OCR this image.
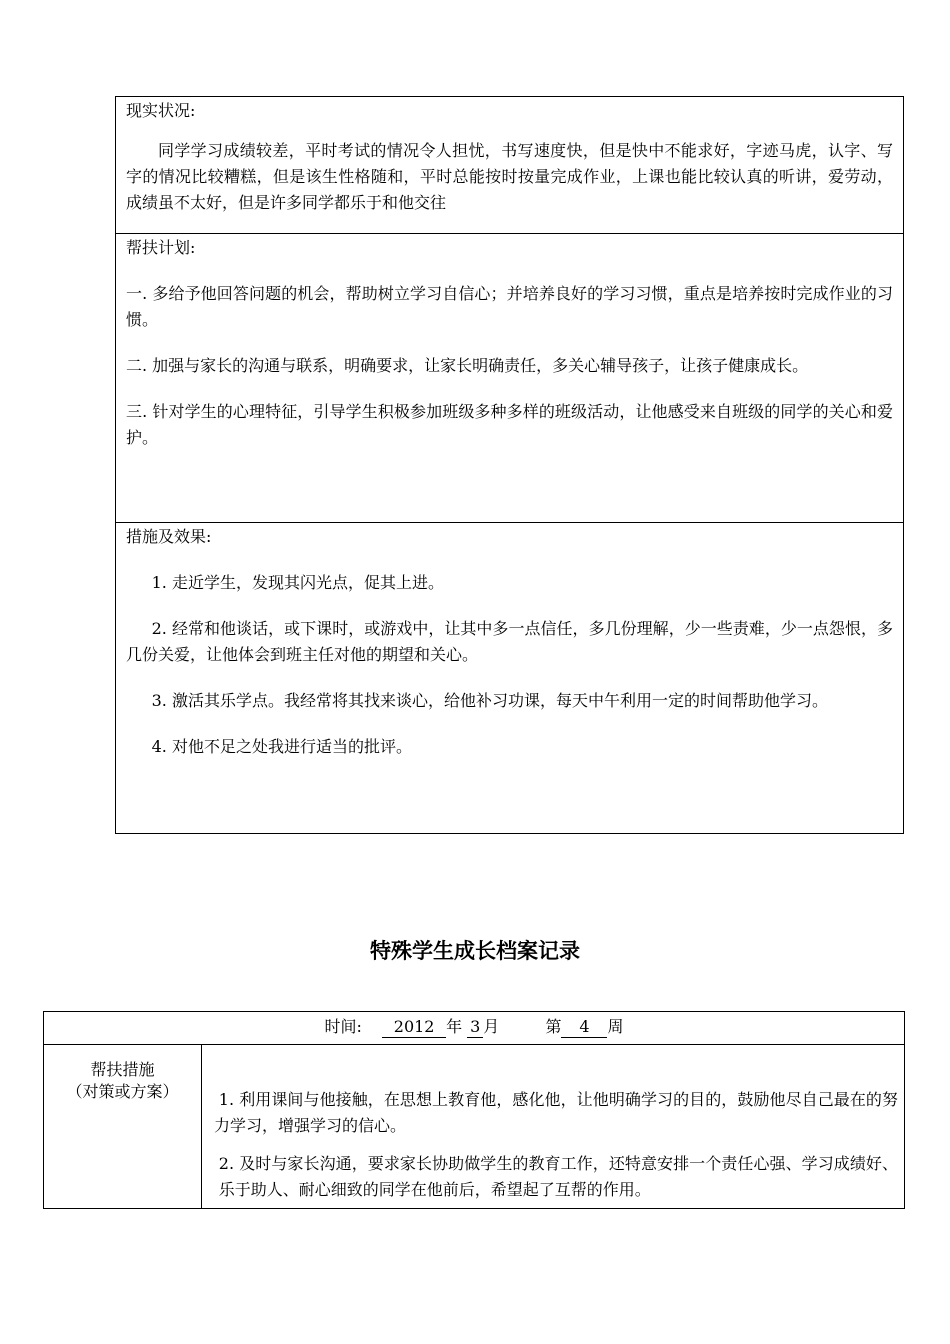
现实状况:

同学学习成绩较差，平时考试的情况令人担忧，书写速度快，但是快中不能求好，字迹马虎，认字、写字的情况比较糟糕，但是该生性格随和，平时总能按时按量完成作业，上课也能比较认真的听讲，爱劳动，成绩虽不太好，但是许多同学都乐于和他交往

帮扶计划:

一. 多给予他回答问题的机会，帮助树立学习自信心；并培养良好的学习习惯，重点是培养按时完成作业的习惯。

二. 加强与家长的沟通与联系，明确要求，让家长明确责任，多关心辅导孩子，让孩子健康成长。

三. 针对学生的心理特征，引导学生积极参加班级多种多样的班级活动，让他感受来自班级的同学的关心和爱护。

措施及效果:

1. 走近学生，发现其闪光点，促其上进。

2. 经常和他谈话，或下课时，或游戏中，让其中多一点信任，多几份理解，少一些责难，少一点怨恨，多几份关爱，让他体会到班主任对他的期望和关心。

3. 激活其乐学点。我经常将其找来谈心，给他补习功课，每天中午利用一定的时间帮助他学习。

4. 对他不足之处我进行适当的批评。

特殊学生成长档案记录
时间: 2012 年 3 月	第 4 周
帮扶措施
（对策或方案）	1. 利用课间与他接触，在思想上教育他，感化他，让他明确学习的目的，鼓励他尽自己最在的努力学习，增强学习的信心。

2. 及时与家长沟通，要求家长协助做学生的教育工作，还特意安排一个责任心强、学习成绩好、乐于助人、耐心细致的同学在他前后，希望起了互帮的作用。
